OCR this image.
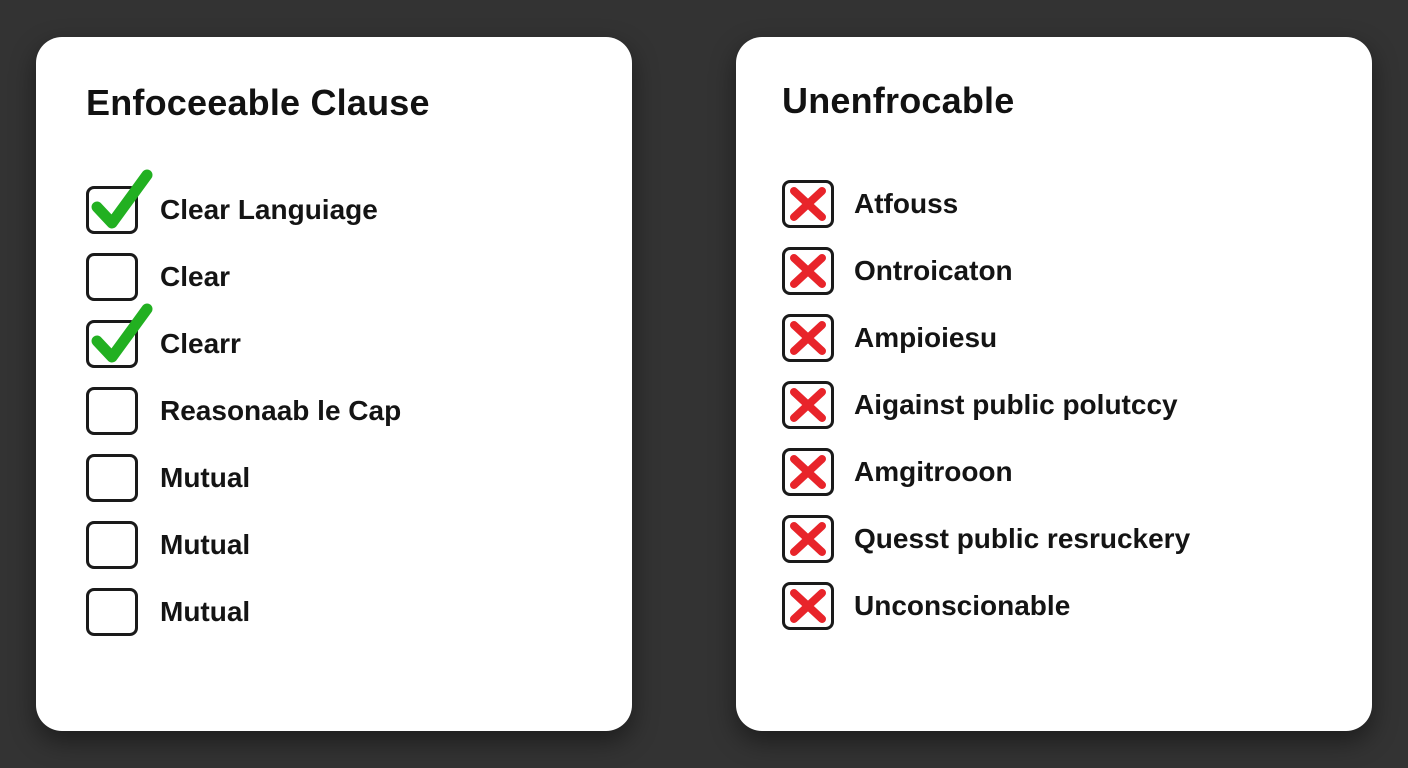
Enfoceeable Clause
Clear Languiage
Clear
Clearr
Reasonaab le Cap
Mutual
Mutual
Mutual
Unenfrocable
Atfouss
Ontroicaton
Ampioiesu
Aigainst public polutccy
Amgitrooon
Quesst public resruckery
Unconscionable
